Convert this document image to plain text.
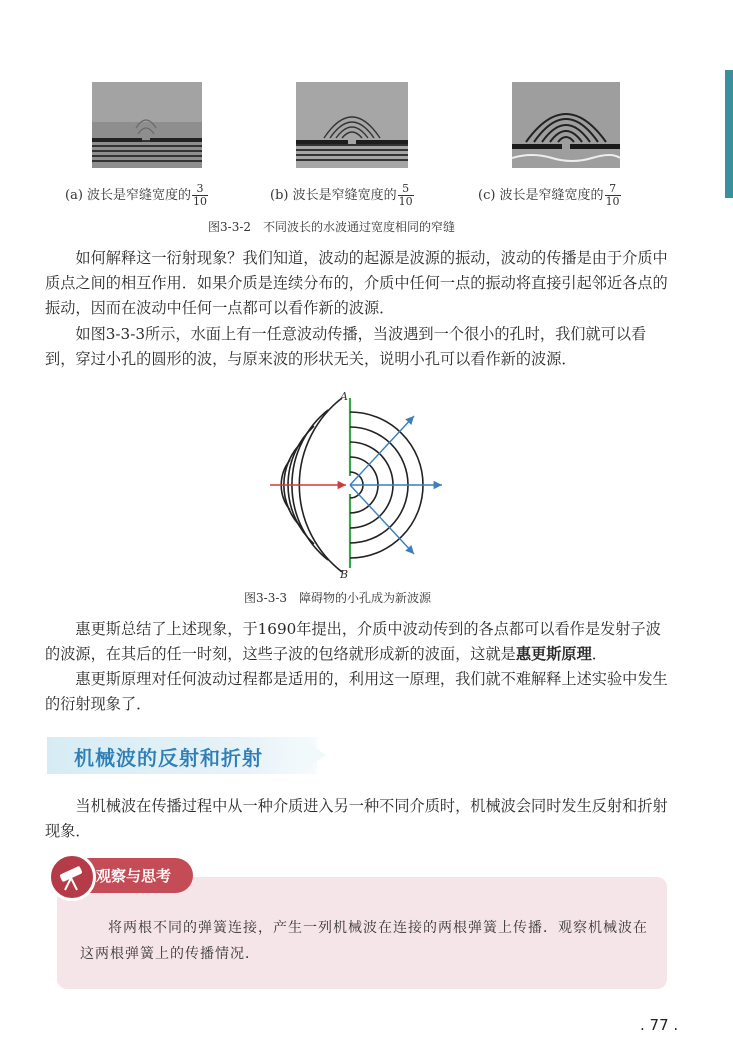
(a) 波长是窄缝宽度的 $\frac{3}{10}$	(b) 波长是窄缝宽度的 $\frac{5}{10}$	(c) 波长是窄缝宽度的 $\frac{7}{10}$
图3-3-2　不同波长的水波通过宽度相同的窄缝

如何解释这一衍射现象？我们知道，波动的起源是波源的振动，波动的传播是由于介质中质点之间的相互作用．如果介质是连续分布的，介质中任何一点的振动将直接引起邻近各点的振动，因而在波动中任何一点都可以看作新的波源．

如图3-3-3所示，水面上有一任意波动传播，当波遇到一个很小的孔时，我们就可以看到，穿过小孔的圆形的波，与原来波的形状无关，说明小孔可以看作新的波源．

A
B
图3-3-3　障碍物的小孔成为新波源

惠更斯总结了上述现象，于1690年提出，介质中波动传到的各点都可以看作是发射子波的波源，在其后的任一时刻，这些子波的包络就形成新的波面，这就是惠更斯原理．

惠更斯原理对任何波动过程都是适用的，利用这一原理，我们就不难解释上述实验中发生的衍射现象了．

机械波的反射和折射

当机械波在传播过程中从一种介质进入另一种不同介质时，机械波会同时发生反射和折射现象．

观察与思考

将两根不同的弹簧连接，产生一列机械波在连接的两根弹簧上传播．观察机械波在这两根弹簧上的传播情况．

. 77 .
